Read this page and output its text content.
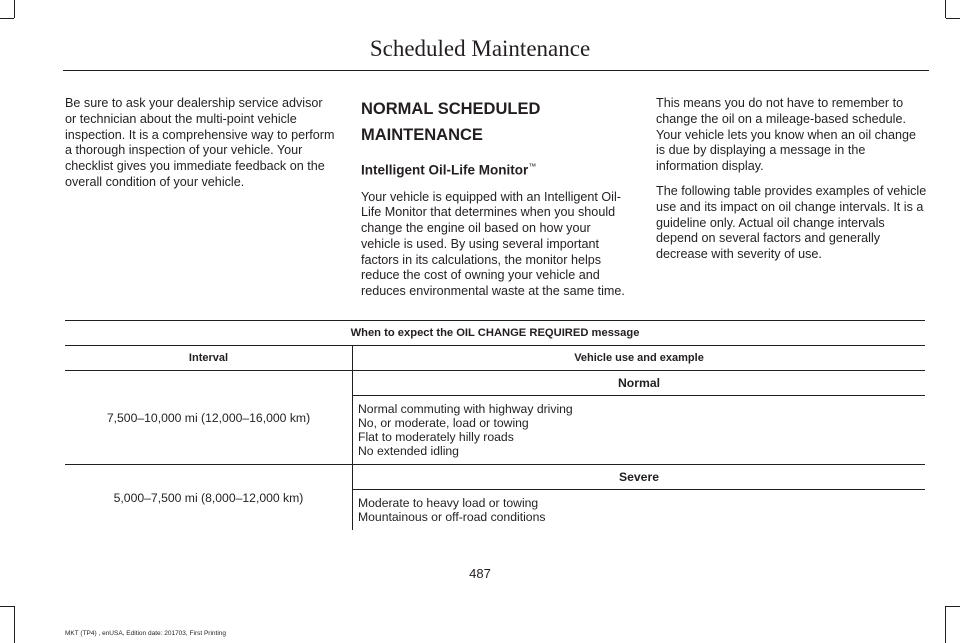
Scheduled Maintenance

Be sure to ask your dealership service advisor or technician about the multi-point vehicle inspection. It is a comprehensive way to perform a thorough inspection of your vehicle. Your checklist gives you immediate feedback on the overall condition of your vehicle.

NORMAL SCHEDULED MAINTENANCE
Intelligent Oil-Life Monitor™

Your vehicle is equipped with an Intelligent Oil-Life Monitor that determines when you should change the engine oil based on how your vehicle is used. By using several important factors in its calculations, the monitor helps reduce the cost of owning your vehicle and reduces environmental waste at the same time.

This means you do not have to remember to change the oil on a mileage-based schedule. Your vehicle lets you know when an oil change is due by displaying a message in the information display.

The following table provides examples of vehicle use and its impact on oil change intervals. It is a guideline only. Actual oil change intervals depend on several factors and generally decrease with severity of use.

When to expect the OIL CHANGE REQUIRED message	
Interval	Vehicle use and example
7,500–10,000 mi (12,000–16,000 km)	Normal

	Normal commuting with highway driving
No, or moderate, load or towing
Flat to moderately hilly roads
No extended idling

5,000–7,500 mi (8,000–12,000 km)	Severe

	Moderate to heavy load or towing
Mountainous or off-road conditions
487
MKT (TP4) , enUSA, Edition date: 201703, First Printing
